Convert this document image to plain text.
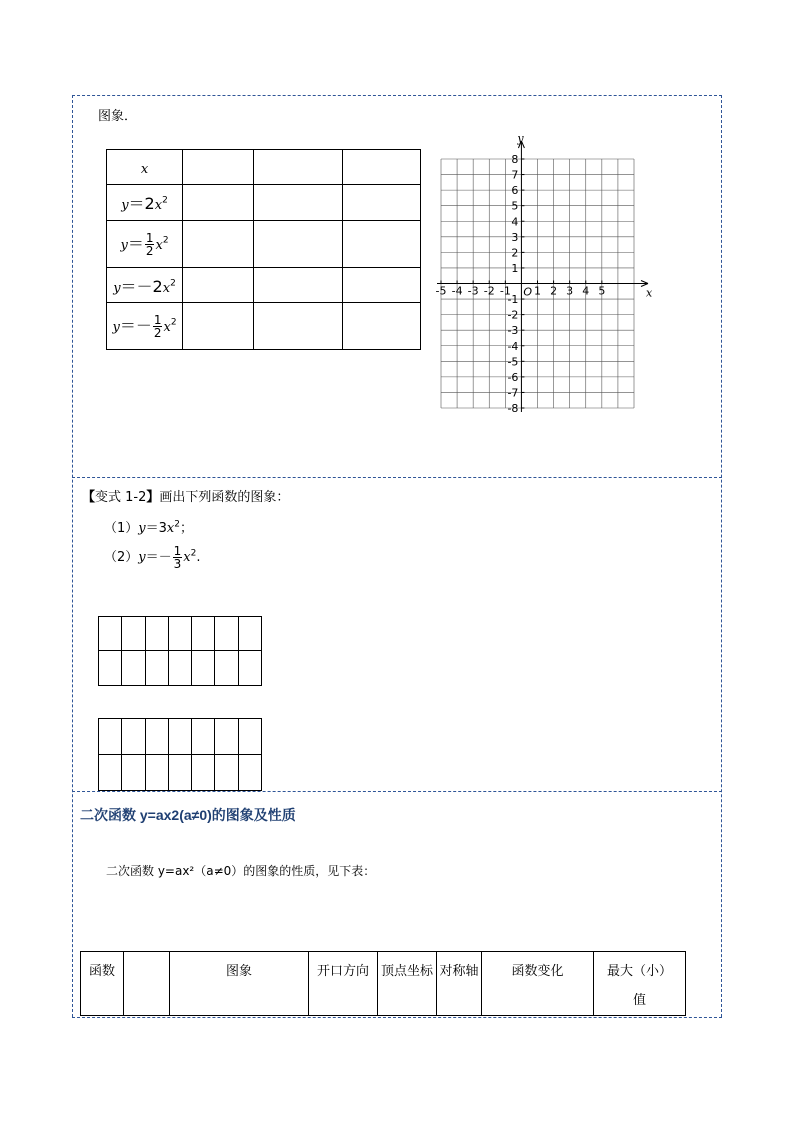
图象．
x			
$y=2x^2$			
$y= \frac{1}{2} x^2$			
$y=-2x^2$			
$y=- \frac{1}{2} x^2$			
-5 -4 -3 -2 -1 1 2 3 4 5
8
7
6
5
4
3
2
1
-1
-2
-3
-4
-5
-6
-7
-8
x
y
O
【变式 1-2】画出下列函数的图象：
$(1)y=3x^2$；
$(2)y=- \frac{1}{3} x^2$.

二次函数 y=ax2(a≠0)的图象及性质
二次函数 y=ax²（a≠0）的图象的性质，见下表：
函数		图象	开口方向	顶点坐标	对称轴	函数变化	最大（小）
值
